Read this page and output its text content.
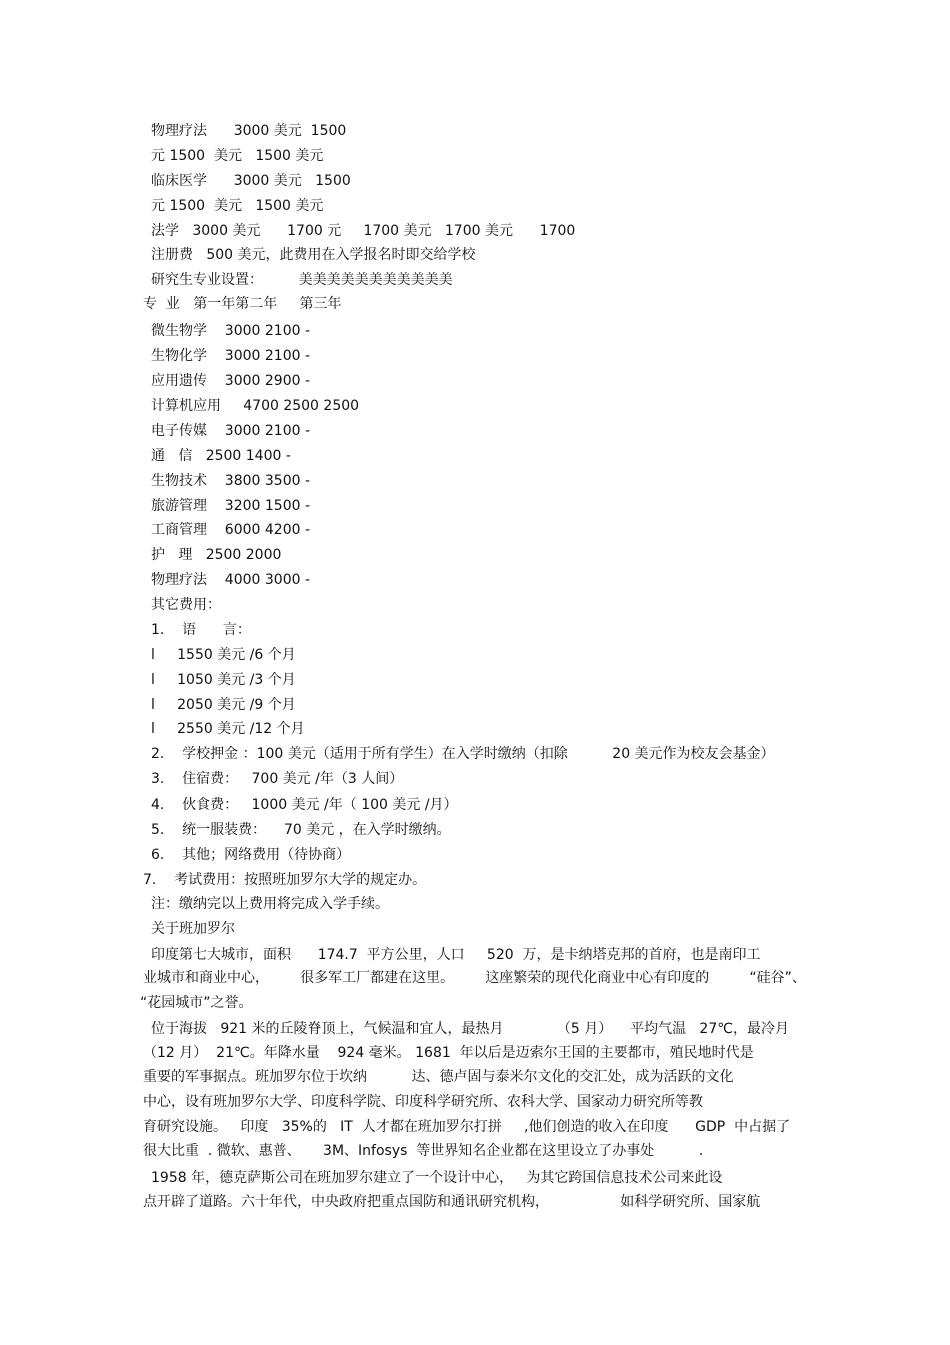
物理疗法      3000 美元  1500

元 1500  美元   1500 美元

临床医学      3000 美元   1500

元 1500  美元   1500 美元

法学   3000 美元      1700 元     1700 美元   1700 美元      1700

注册费   500 美元，此费用在入学报名时即交给学校

研究生专业设置：        美美美美美美美美美美美

专  业   第一年第二年     第三年

微生物学    3000 2100 -

生物化学    3000 2100 -

应用遗传    3000 2900 -

计算机应用     4700 2500 2500

电子传媒    3000 2100 -

通   信   2500 1400 -

生物技术    3800 3500 -

旅游管理    3200 1500 -

工商管理    6000 4200 -

护   理   2500 2000

物理疗法    4000 3000 -

其它费用：

1.    语      言：

l     1550 美元 /6 个月

l     1050 美元 /3 个月

l     2050 美元 /9 个月

l     2550 美元 /12 个月

2.    学校押金 ：100 美元（适用于所有学生）在入学时缴纳（扣除          20 美元作为校友会基金）

3.    住宿费：   700 美元 /年（3 人间）

4.    伙食费：   1000 美元 /年（ 100 美元 /月）

5.    统一服装费：    70 美元 ，在入学时缴纳。

6.    其他；网络费用（待协商）

7.    考试费用：按照班加罗尔大学的规定办。

注：缴纳完以上费用将完成入学手续。

关于班加罗尔

印度第七大城市，面积      174.7  平方公里，人口     520  万，是卡纳塔克邦的首府，也是南印工

业城市和商业中心，       很多军工厂都建在这里。       这座繁荣的现代化商业中心有印度的         “硅谷”、

“花园城市”之誉。

位于海拔   921 米的丘陵脊顶上，气候温和宜人，最热月            （5 月）    平均气温   27℃，最冷月

（12 月）  21℃。年降水量    924 毫米。 1681  年以后是迈索尔王国的主要都市，殖民地时代是

重要的军事据点。班加罗尔位于坎纳          达、德卢固与泰米尔文化的交汇处，成为活跃的文化

中心，设有班加罗尔大学、印度科学院、印度科学研究所、农科大学、国家动力研究所等教

育研究设施。   印度   35%的   IT  人才都在班加罗尔打拼     ,他们创造的收入在印度      GDP  中占据了

很大比重  . 微软、惠普、     3M、Infosys  等世界知名企业都在这里设立了办事处          .

1958 年，德克萨斯公司在班加罗尔建立了一个设计中心，   为其它跨国信息技术公司来此设

点开辟了道路。六十年代，中央政府把重点国防和通讯研究机构，                如科学研究所、国家航
